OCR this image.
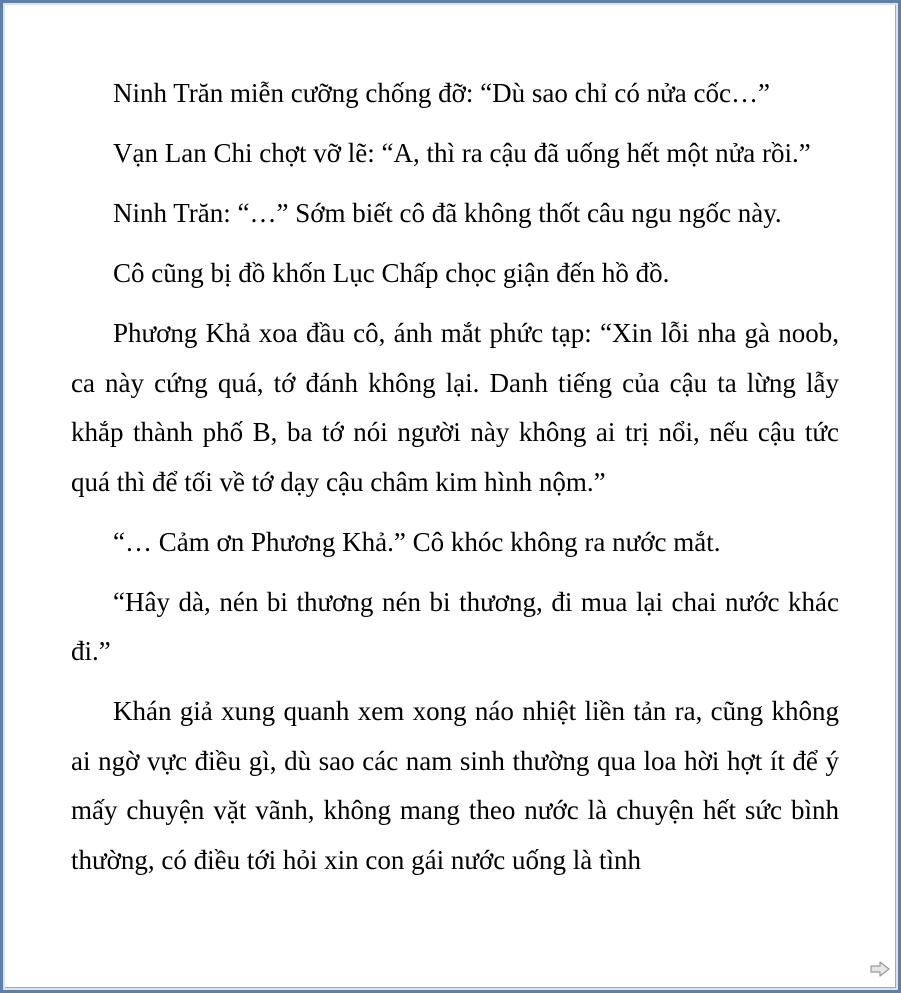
Ninh Trăn miễn cưỡng chống đỡ: “Dù sao chỉ có nửa cốc…”

Vạn Lan Chi chợt vỡ lẽ: “A, thì ra cậu đã uống hết một nửa rồi.”

Ninh Trăn: “…” Sớm biết cô đã không thốt câu ngu ngốc này.

Cô cũng bị đồ khốn Lục Chấp chọc giận đến hồ đồ.

Phương Khả xoa đầu cô, ánh mắt phức tạp: “Xin lỗi nha gà noob, ca này cứng quá, tớ đánh không lại. Danh tiếng của cậu ta lừng lẫy khắp thành phố B, ba tớ nói người này không ai trị nổi, nếu cậu tức quá thì để tối về tớ dạy cậu châm kim hình nộm.”

“… Cảm ơn Phương Khả.” Cô khóc không ra nước mắt.

“Hây dà, nén bi thương nén bi thương, đi mua lại chai nước khác đi.”

Khán giả xung quanh xem xong náo nhiệt liền tản ra, cũng không ai ngờ vực điều gì, dù sao các nam sinh thường qua loa hời hợt ít để ý mấy chuyện vặt vãnh, không mang theo nước là chuyện hết sức bình thường, có điều tới hỏi xin con gái nước uống là tình
